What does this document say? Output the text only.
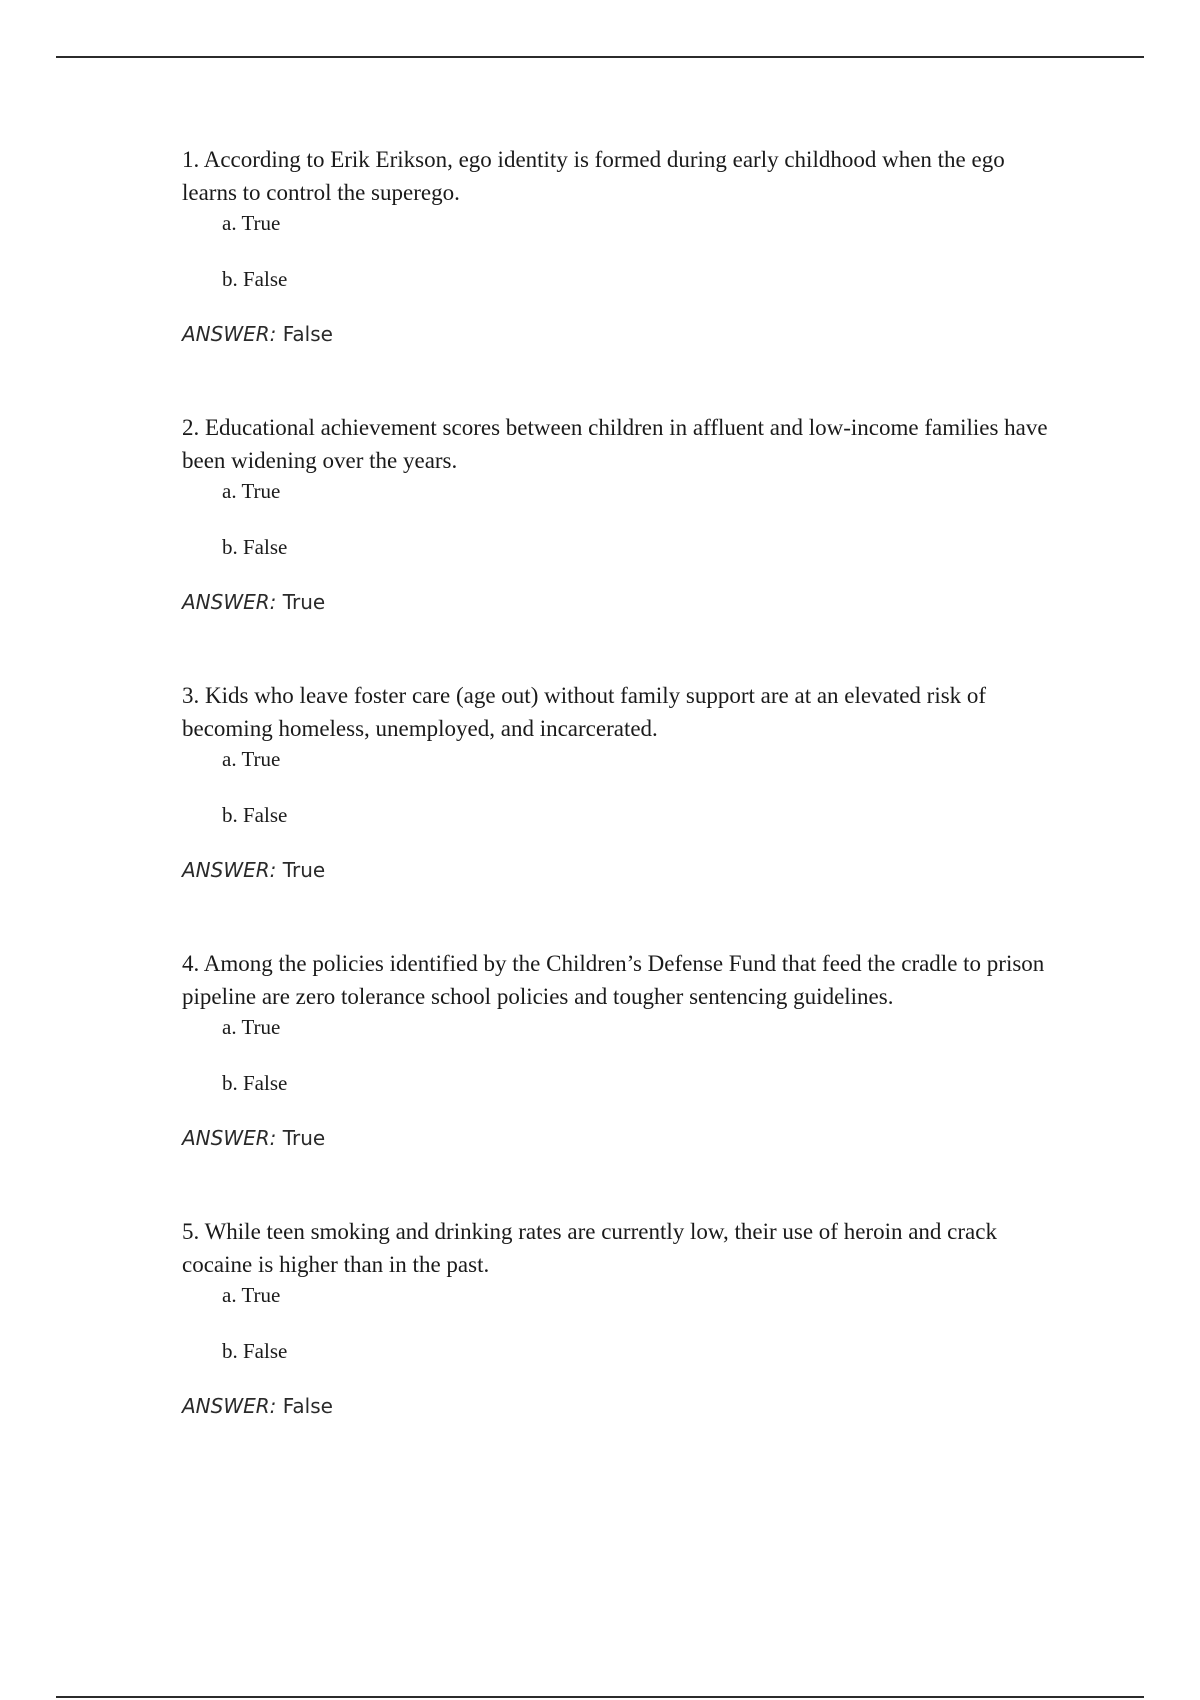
1. According to Erik Erikson, ego identity is formed during early childhood when the ego learns to control the superego.

a. True
b. False
ANSWER: False

2. Educational achievement scores between children in affluent and low-income families have been widening over the years.

a. True
b. False
ANSWER: True

3. Kids who leave foster care (age out) without family support are at an elevated risk of becoming homeless, unemployed, and incarcerated.

a. True
b. False
ANSWER: True

4. Among the policies identified by the Children’s Defense Fund that feed the cradle to prison pipeline are zero tolerance school policies and tougher sentencing guidelines.

a. True
b. False
ANSWER: True

5. While teen smoking and drinking rates are currently low, their use of heroin and crack cocaine is higher than in the past.

a. True
b. False
ANSWER: False
